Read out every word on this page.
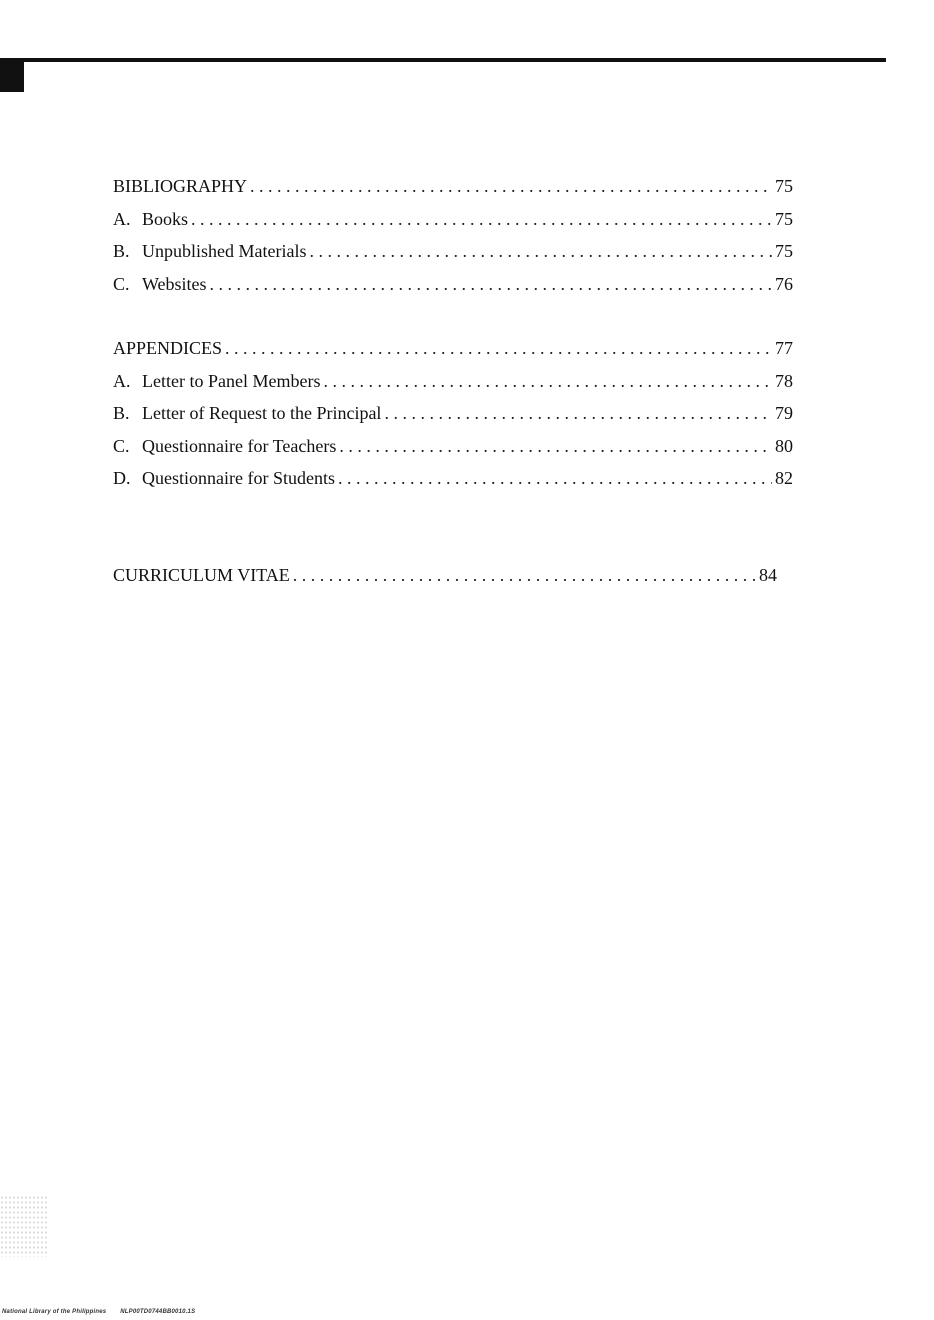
BIBLIOGRAPHY . . .	75
A. Books . . .	75
B. Unpublished Materials . . .	75
C. Websites . . .	76
APPENDICES . . .	77
A. Letter to Panel Members . . .	78
B. Letter of Request to the Principal . . .	79
C. Questionnaire for Teachers . . .	80
D. Questionnaire for Students . . .	82
CURRICULUM VITAE . . .	84
National Library of the Philippines NLP00TD0744BB0010.1S
